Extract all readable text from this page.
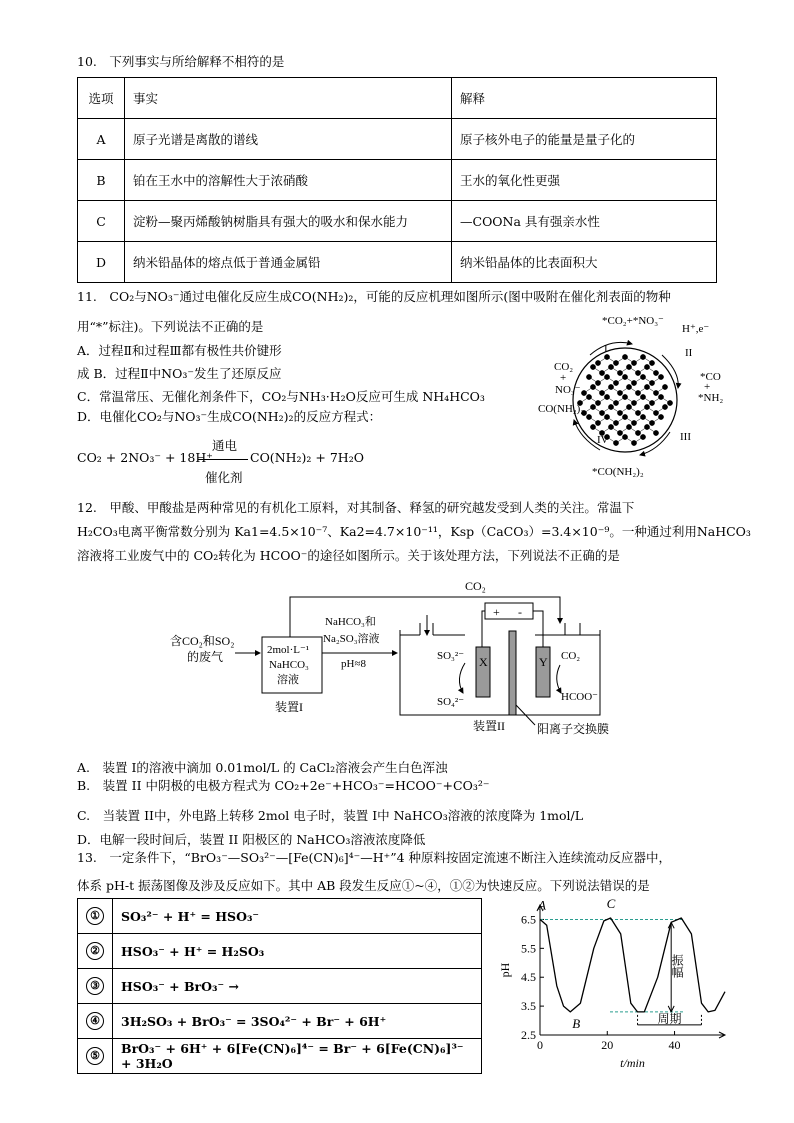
10.　下列事实与所给解释不相符的是
选项	事实	解释
A	原子光谱是离散的谱线	原子核外电子的能量是量子化的
B	铂在王水中的溶解性大于浓硝酸	王水的氧化性更强
C	淀粉—聚丙烯酸钠树脂具有强大的吸水和保水能力	—COONa 具有强亲水性
D	纳米铅晶体的熔点低于普通金属铅	纳米铅晶体的比表面积大
11.　CO₂与NO₃⁻通过电催化反应生成CO(NH₂)₂，可能的反应机理如图所示(图中吸附在催化剂表面的物种
用“*”标注)。下列说法不正确的是
A．过程Ⅱ和过程Ⅲ都有极性共价键形
成 B．过程Ⅱ中NO₃⁻发生了还原反应
C．常温常压、无催化剂条件下，CO₂与NH₃·H₂O反应可生成 NH₄HCO₃
D．电催化CO₂与NO₃⁻生成CO(NH₂)₂的反应方程式：
CO₂ + 2NO₃⁻ + 18H⁺
通电
催化剂
CO(NH₂)₂ + 7H₂O
*CO₂+*NO₃⁻
H⁺,e⁻
CO₂
+
NO₃⁻
CO(NH₂)₂
*CO
+
*NH₂
*CO(NH₂)₂
I	II
III
IV
12.　甲酸、甲酸盐是两种常见的有机化工原料，对其制备、释氢的研究越发受到人类的关注。常温下
H₂CO₃电离平衡常数分别为 Ka1=4.5×10⁻⁷、Ka2=4.7×10⁻¹¹，Ksp（CaCO₃）=3.4×10⁻⁹。一种通过利用NaHCO₃
溶液将工业废气中的 CO₂转化为 HCOO⁻的途径如图所示。关于该处理方法，下列说法不正确的是
CO₂
含CO₂和SO₂
的废气	2mol·L⁻¹
NaHCO₃
溶液
装置I
NaHCO₃和
Na₂SO₃溶液
pH≈8
+ -
X	Y
阳离子交换膜
SO₃²⁻
SO₄²⁻
CO₂
HCOO⁻
装置II
A.　装置 I的溶液中滴加 0.01mol/L 的 CaCl₂溶液会产生白色浑浊
B.　装置 II 中阴极的电极方程式为 CO₂+2e⁻+HCO₃⁻=HCOO⁻+CO₃²⁻
C.　当装置 II中，外电路上转移 2mol 电子时，装置 I中 NaHCO₃溶液的浓度降为 1mol/L
D．电解一段时间后，装置 II 阳极区的 NaHCO₃溶液浓度降低
13.　一定条件下，“BrO₃⁻—SO₃²⁻—[Fe(CN)₆]⁴⁻—H⁺”4 种原料按固定流速不断注入连续流动反应器中，
体系 pH-t 振荡图像及涉及反应如下。其中 AB 段发生反应①~④，①②为快速反应。下列说法错误的是
①	SO₃²⁻ + H⁺ = HSO₃⁻
②	HSO₃⁻ + H⁺ = H₂SO₃
③	HSO₃⁻ + BrO₃⁻ →
④	3H₂SO₃ + BrO₃⁻ = 3SO₄²⁻ + Br⁻ + 6H⁺
⑤	BrO₃⁻ + 6H⁺ + 6[Fe(CN)₆]⁴⁻ = Br⁻ + 6[Fe(CN)₆]³⁻ + 3H₂O
2.5
3.5
4.5
5.5
6.5
0	20	40
pH
t/min
A
B
C
振幅
周期
